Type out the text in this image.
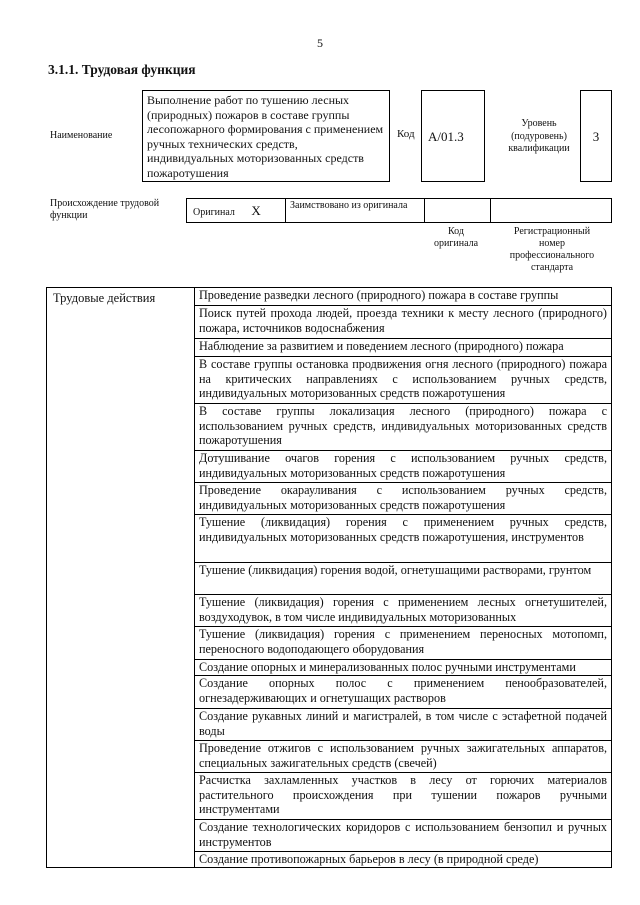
5
3.1.1. Трудовая функция
Наименование
Выполнение работ по тушению лесных (природных) пожаров в составе группы лесопожарного формирования с применением ручных технических средств, индивидуальных моторизованных средств пожаротушения
Код	А/01.3
Уровень (подуровень) квалификации
3
Происхождение трудовой функции	Оригинал X	Заимствовано из оригинала
Код оригинала
Регистрационный номер профессионального стандарта
Трудовые действия	Проведение разведки лесного (природного) пожара в составе группы
Поиск путей прохода людей, проезда техники к месту лесного (природного) пожара, источников водоснабжения
Наблюдение за развитием и поведением лесного (природного) пожара
В составе группы остановка продвижения огня лесного (природного) пожара на критических направлениях с использованием ручных средств, индивидуальных моторизованных средств пожаротушения
В составе группы локализация лесного (природного) пожара с использованием ручных средств, индивидуальных моторизованных средств пожаротушения
Дотушивание очагов горения с использованием ручных средств, индивидуальных моторизованных средств пожаротушения
Проведение окарауливания с использованием ручных средств, индивидуальных моторизованных средств пожаротушения
Тушение (ликвидация) горения с применением ручных средств, индивидуальных моторизованных средств пожаротушения, инструментов
Тушение (ликвидация) горения водой, огнетушащими растворами, грунтом
Тушение (ликвидация) горения с применением лесных огнетушителей, воздуходувок, в том числе индивидуальных моторизованных
Тушение (ликвидация) горения с применением переносных мотопомп, переносного водоподающего оборудования
Создание опорных и минерализованных полос ручными инструментами
Создание опорных полос с применением пенообразователей, огнезадерживающих и огнетушащих растворов
Создание рукавных линий и магистралей, в том числе с эстафетной подачей воды
Проведение отжигов с использованием ручных зажигательных аппаратов, специальных зажигательных средств (свечей)
Расчистка захламленных участков в лесу от горючих материалов растительного происхождения при тушении пожаров ручными инструментами
Создание технологических коридоров с использованием бензопил и ручных инструментов
Создание противопожарных барьеров в лесу (в природной среде)
